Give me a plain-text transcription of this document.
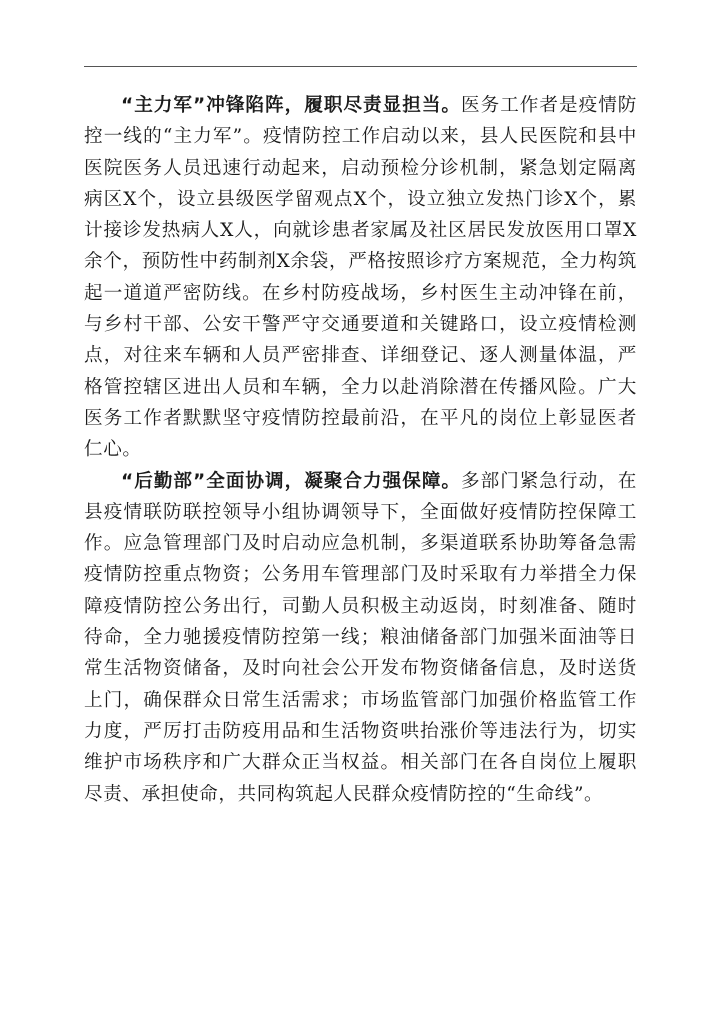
“主力军”冲锋陷阵，履职尽责显担当。医务工作者是疫情防控一线的“主力军”。疫情防控工作启动以来，县人民医院和县中医院医务人员迅速行动起来，启动预检分诊机制，紧急划定隔离病区X个，设立县级医学留观点X个，设立独立发热门诊X个，累计接诊发热病人X人，向就诊患者家属及社区居民发放医用口罩X余个，预防性中药制剂X余袋，严格按照诊疗方案规范，全力构筑起一道道严密防线。在乡村防疫战场，乡村医生主动冲锋在前，与乡村干部、公安干警严守交通要道和关键路口，设立疫情检测点，对往来车辆和人员严密排查、详细登记、逐人测量体温，严格管控辖区进出人员和车辆，全力以赴消除潜在传播风险。广大医务工作者默默坚守疫情防控最前沿，在平凡的岗位上彰显医者仁心。

“后勤部”全面协调，凝聚合力强保障。多部门紧急行动，在县疫情联防联控领导小组协调领导下，全面做好疫情防控保障工作。应急管理部门及时启动应急机制，多渠道联系协助筹备急需疫情防控重点物资；公务用车管理部门及时采取有力举措全力保障疫情防控公务出行，司勤人员积极主动返岗，时刻准备、随时待命，全力驰援疫情防控第一线；粮油储备部门加强米面油等日常生活物资储备，及时向社会公开发布物资储备信息，及时送货上门，确保群众日常生活需求；市场监管部门加强价格监管工作力度，严厉打击防疫用品和生活物资哄抬涨价等违法行为，切实维护市场秩序和广大群众正当权益。相关部门在各自岗位上履职尽责、承担使命，共同构筑起人民群众疫情防控的“生命线”。
